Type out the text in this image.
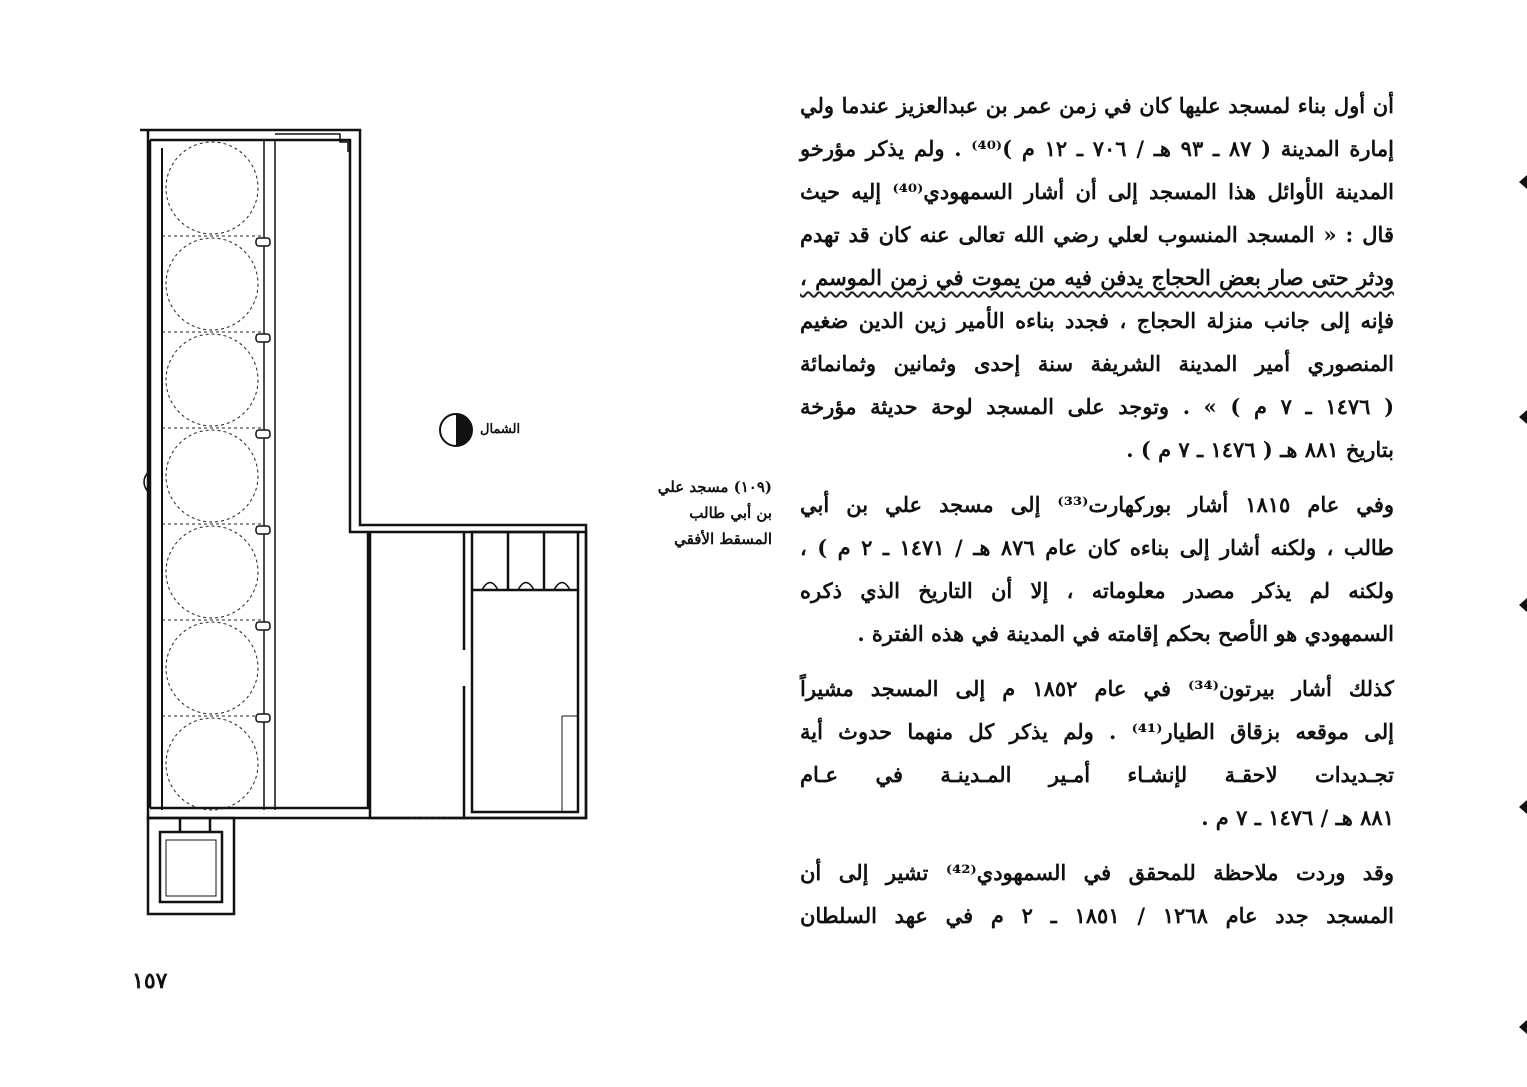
الشمال
(١٠٩) مسجد علي
بن أبي طالب
المسقط الأفقي

أن أول بناء لمسجد عليها كان في زمن عمر بن عبدالعزيز عندما ولي
إمارة المدينة ( ٨٧ ـ ٩٣ هـ / ٧٠٦ ـ ١٢ م )⁽⁴⁰⁾ . ولم يذكر مؤرخو
المدينة الأوائل هذا المسجد إلى أن أشار السمهودي⁽⁴⁰⁾ إليه حيث
قال : « المسجد المنسوب لعلي رضي الله تعالى عنه كان قد تهدم
ودثر حتى صار بعض الحجاج يدفن فيه من يموت في زمن الموسم ،
فإنه إلى جانب منزلة الحجاج ، فجدد بناءه الأمير زين الدين ضغيم
المنصوري أمير المدينة الشريفة سنة إحدى وثمانين وثمانمائة
( ١٤٧٦ ـ ٧ م ) » . وتوجد على المسجد لوحة حديثة مؤرخة
بتاريخ ٨٨١ هـ ( ١٤٧٦ ـ ٧ م ) .

وفي عام ١٨١٥ أشار بوركهارت⁽³³⁾ إلى مسجد علي بن أبي
طالب ، ولكنه أشار إلى بناءه كان عام ٨٧٦ هـ / ١٤٧١ ـ ٢ م ) ،
ولكنه لم يذكر مصدر معلوماته ، إلا أن التاريخ الذي ذكره
السمهودي هو الأصح بحكم إقامته في المدينة في هذه الفترة .

كذلك أشار بيرتون⁽³⁴⁾ في عام ١٨٥٢ م إلى المسجد مشيراً
إلى موقعه بزقاق الطيار⁽⁴¹⁾ . ولم يذكر كل منهما حدوث أية
تجـديدات لاحقـة لإنشـاء أمـير المـدينـة في عـام
٨٨١ هـ / ١٤٧٦ ـ ٧ م .

وقد وردت ملاحظة للمحقق في السمهودي⁽⁴²⁾ تشير إلى أن
المسجد جدد عام ١٢٦٨ / ١٨٥١ ـ ٢ م في عهد السلطان

١٥٧
